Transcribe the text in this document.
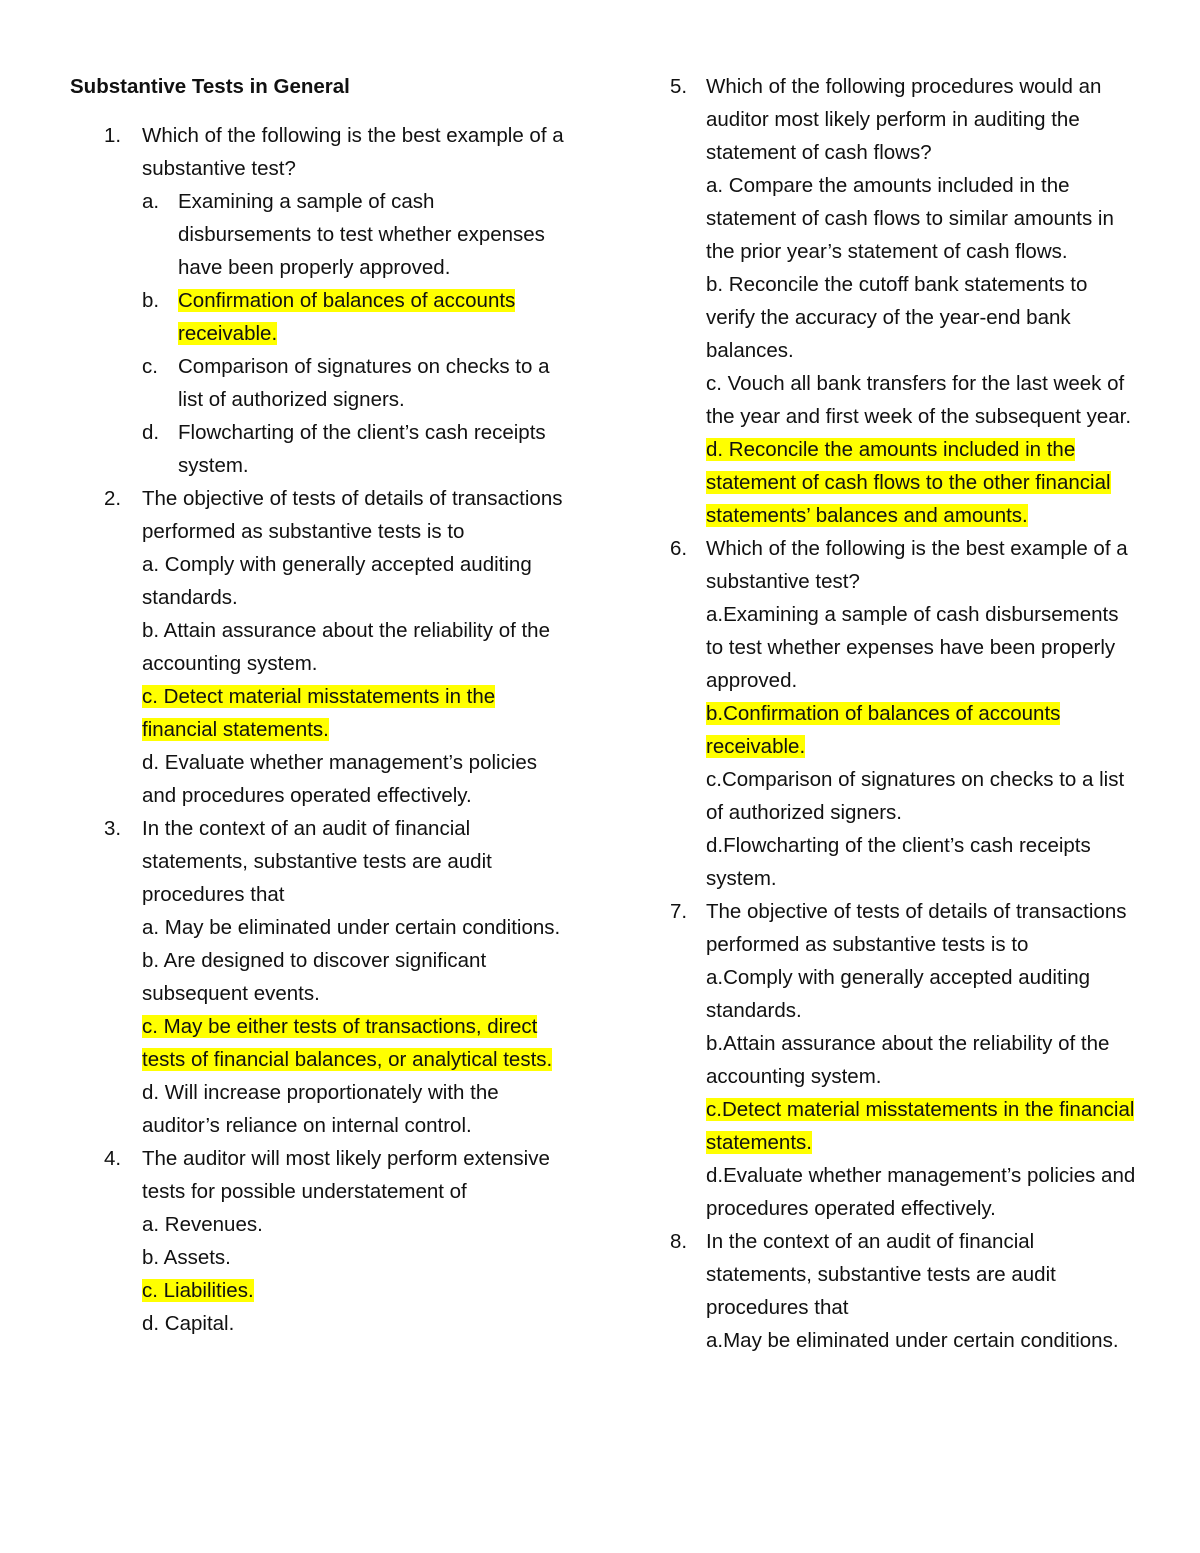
Substantive Tests in General
1.	Which of the following is the best example of a substantive test?
a. Examining a sample of cash disbursements to test whether expenses have been properly approved.
b. Confirmation of balances of accounts receivable.
c. Comparison of signatures on checks to a list of authorized signers.
d. Flowcharting of the client’s cash receipts system.
2.	The objective of tests of details of transactions performed as substantive tests is to
a. Comply with generally accepted auditing standards.
b. Attain assurance about the reliability of the accounting system.
c. Detect material misstatements in the financial statements.
d. Evaluate whether management’s policies and procedures operated effectively.
3.	In the context of an audit of financial statements, substantive tests are audit procedures that
a. May be eliminated under certain conditions.
b. Are designed to discover significant subsequent events.
c. May be either tests of transactions, direct tests of financial balances, or analytical tests.
d. Will increase proportionately with the auditor’s reliance on internal control.
4.	The auditor will most likely perform extensive tests for possible understatement of
a. Revenues.
b. Assets.
c. Liabilities.
d. Capital.
5. Which of the following procedures would an auditor most likely perform in auditing the statement of cash flows?
a. Compare the amounts included in the statement of cash flows to similar amounts in the prior year’s statement of cash flows.
b. Reconcile the cutoff bank statements to verify the accuracy of the year-end bank balances.
c. Vouch all bank transfers for the last week of the year and first week of the subsequent year.
d. Reconcile the amounts included in the statement of cash flows to the other financial statements’ balances and amounts.
6. Which of the following is the best example of a substantive test?
a.Examining a sample of cash disbursements to test whether expenses have been properly approved.
b.Confirmation of balances of accounts receivable.
c.Comparison of signatures on checks to a list of authorized signers.
d.Flowcharting of the client’s cash receipts system.
7. The objective of tests of details of transactions performed as substantive tests is to
a.Comply with generally accepted auditing standards.
b.Attain assurance about the reliability of the accounting system.
c.Detect material misstatements in the financial statements.
d.Evaluate whether management’s policies and procedures operated effectively.
8. In the context of an audit of financial statements, substantive tests are audit procedures that
a.May be eliminated under certain conditions.
